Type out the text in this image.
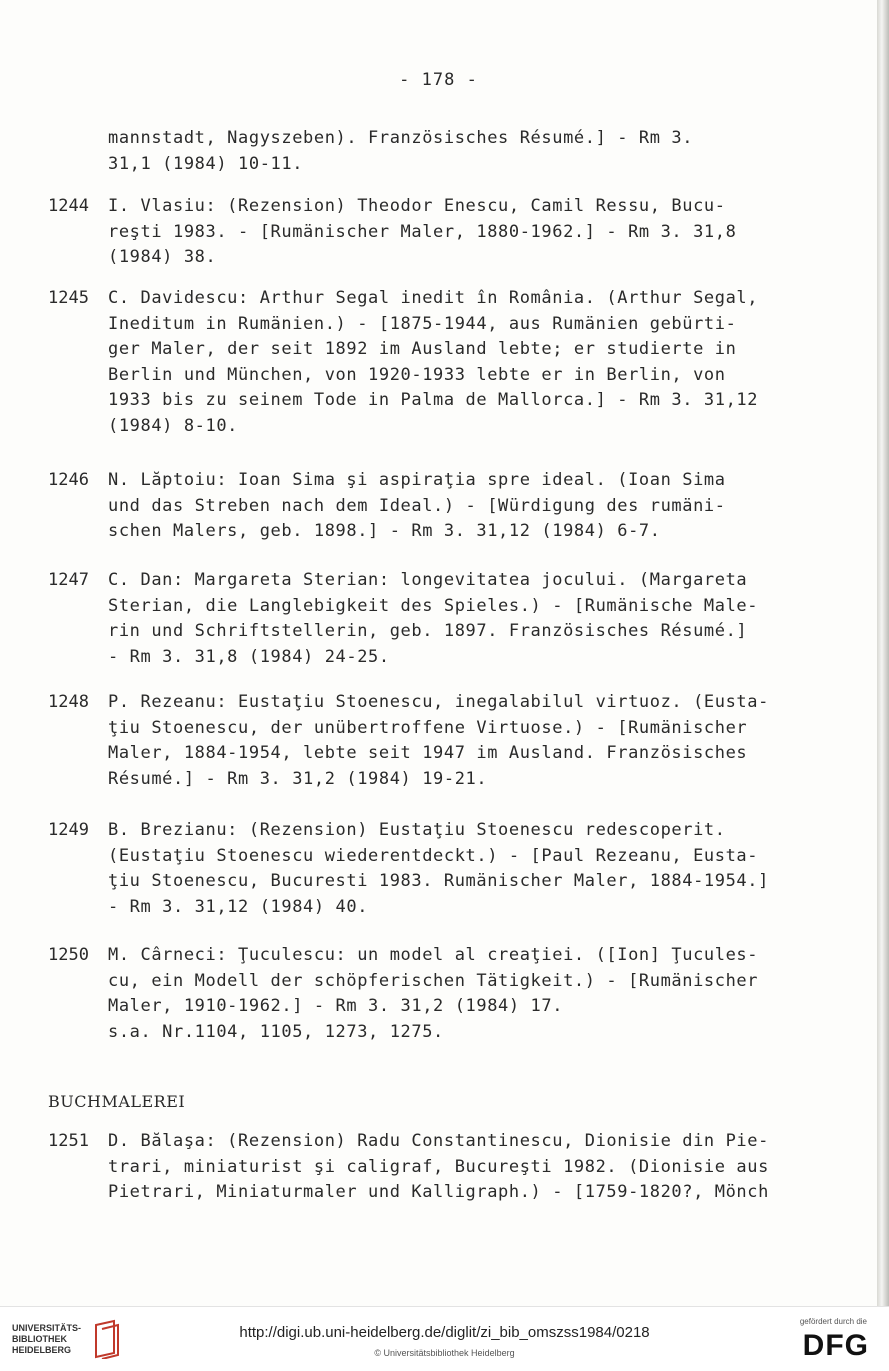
- 178 -
mannstadt, Nagyszeben). Französisches Résumé.] - Rm 3.
31,1 (1984) 10-11.
1244 I. Vlasiu: (Rezension) Theodor Enescu, Camil Ressu, Bucu-
reşti 1983. - [Rumänischer Maler, 1880-1962.] - Rm 3. 31,8
(1984) 38.
1245 C. Davidescu: Arthur Segal inedit în România. (Arthur Segal,
Ineditum in Rumänien.) - [1875-1944, aus Rumänien gebürti-
ger Maler, der seit 1892 im Ausland lebte; er studierte in
Berlin und München, von 1920-1933 lebte er in Berlin, von
1933 bis zu seinem Tode in Palma de Mallorca.] - Rm 3. 31,12
(1984) 8-10.
1246 N. Lăptoiu: Ioan Sima şi aspiraţia spre ideal. (Ioan Sima
und das Streben nach dem Ideal.) - [Würdigung des rumäni-
schen Malers, geb. 1898.] - Rm 3. 31,12 (1984) 6-7.
1247 C. Dan: Margareta Sterian: longevitatea jocului. (Margareta
Sterian, die Langlebigkeit des Spieles.) - [Rumänische Male-
rin und Schriftstellerin, geb. 1897. Französisches Résumé.]
- Rm 3. 31,8 (1984) 24-25.
1248 P. Rezeanu: Eustaţiu Stoenescu, inegalabilul virtuoz. (Eusta-
ţiu Stoenescu, der unübertroffene Virtuose.) - [Rumänischer
Maler, 1884-1954, lebte seit 1947 im Ausland. Französisches
Résumé.] - Rm 3. 31,2 (1984) 19-21.
1249 B. Brezianu: (Rezension) Eustaţiu Stoenescu redescoperit.
(Eustaţiu Stoenescu wiederentdeckt.) - [Paul Rezeanu, Eusta-
ţiu Stoenescu, Bucuresti 1983. Rumänischer Maler, 1884-1954.]
- Rm 3. 31,12 (1984) 40.
1250 M. Cârneci: Ţuculescu: un model al creaţiei. ([Ion] Ţucules-
cu, ein Modell der schöpferischen Tätigkeit.) - [Rumänischer
Maler, 1910-1962.] - Rm 3. 31,2 (1984) 17.
s.a. Nr.1104, 1105, 1273, 1275.
1251 D. Bălaşa: (Rezension) Radu Constantinescu, Dionisie din Pie-
trari, miniaturist şi caligraf, Bucureşti 1982. (Dionisie aus
Pietrari, Miniaturmaler und Kalligraph.) - [1759-1820?, Mönch
BUCHMALEREI
UNIVERSITÄTS-
BIBLIOTHEK
HEIDELBERG
http://digi.ub.uni-heidelberg.de/diglit/zi_bib_omszss1984/0218
© Universitätsbibliothek Heidelberg
gefördert durch die
DFG
